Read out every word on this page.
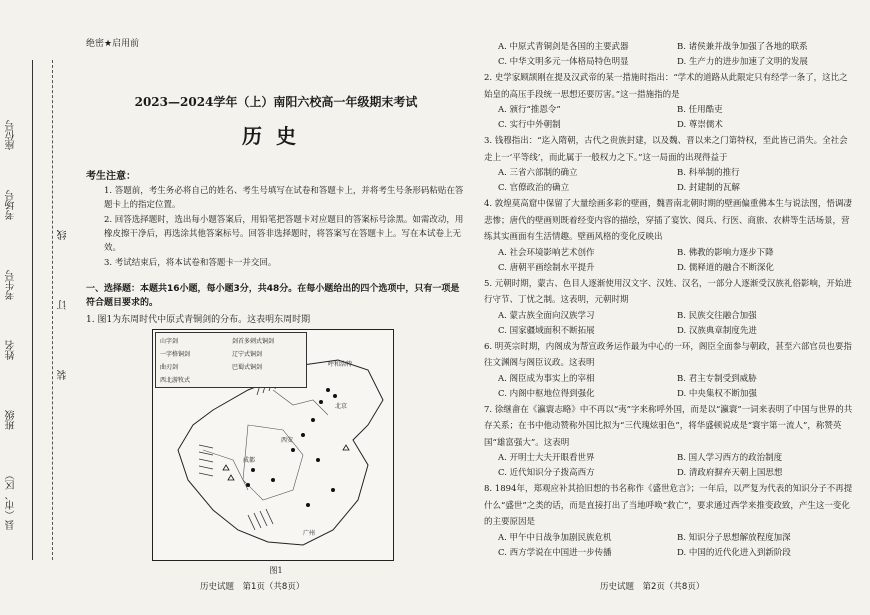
县（市、区）
班级
姓名
考生号
考场号
座位号
装
订
线
绝密★启用前
2023—2024学年（上）南阳六校高一年级期末考试
历史
考生注意：

1. 答题前，考生务必将自己的姓名、考生号填写在试卷和答题卡上，并将考生号条形码粘贴在答题卡上的指定位置。

2. 回答选择题时，选出每小题答案后，用铅笔把答题卡对应题目的答案标号涂黑。如需改动，用橡皮擦干净后，再选涂其他答案标号。回答非选择题时，将答案写在答题卡上。写在本试卷上无效。

3. 考试结束后，将本试卷和答题卡一并交回。

一、选择题：本题共16小题，每小题3分，共48分。在每小题给出的四个选项中，只有一项是符合题目要求的。
1. 图1为东周时代中原式青铜剑的分布。这表明东周时期
呼和浩特
北京
西安
成都
广州
山字剑	剑首多刺式铜剑
一字格铜剑	辽宁式铜剑
曲刃剑	巴蜀式铜剑
西北游牧式
图1
历史试题　第1页（共8页）
A. 中原式青铜剑是各国的主要武器	B. 诸侯兼并战争加强了各地的联系
C. 中华文明多元一体格局特色明显	D. 生产力的进步加速了文明的发展
2. 史学家顾颉刚在提及汉武帝的某一措施时指出：“学术的道路从此限定只有经学一条了，这比之始皇的高压手段统一思想还要厉害。”这一措施指的是
A. 颁行“推恩令”	B. 任用酷吏
C. 实行中外朝制	D. 尊崇儒术
3. 钱穆指出：“迄入隋朝，古代之贵族封建，以及魏、晋以来之门第特权，至此皆已消失。全社会走上一‘平等线’，而此属于一般权力之下。”这一局面的出现得益于
A. 三省六部制的确立	B. 科举制的推行
C. 官僚政治的确立	D. 封建制的瓦解
4. 敦煌莫高窟中保留了大量绘画多彩的壁画，魏晋南北朝时期的壁画偏重佛本生与说法图，悟调凄悲惨；唐代的壁画则既着经变内容的描绘，穿插了宴饮、阅兵、行医、商旅、农耕等生活场景，营练其实画面有生活情趣。壁画风格的变化反映出
A. 社会环境影响艺术创作	B. 佛教的影响力逐步下降
C. 唐朝平画绘制水平提升	D. 儒释道的融合不断深化
5. 元朝时期，蒙古、色目人逐渐使用汉文字、汉姓、汉名，一部分人逐渐受汉族礼俗影响，开始进行守节、丁忧之制。这表明，元朝时期
A. 蒙古族全面向汉族学习	B. 民族交往融合加强
C. 国家疆域面积不断拓展	D. 汉族典章制度先进
6. 明英宗时期，内阁成为帮宣政务运作最为中心的一环，阁臣全面参与朝政，甚至六部官员也要指往文渊阁与阁臣议政。这表明
A. 阁臣成为事实上的宰相	B. 君主专制受到威胁
C. 内阁中枢地位得到强化	D. 中央集权不断加强
7. 徐继畬在《瀛寰志略》中不再以“夷”字来称呼外国，而是以“瀛寰”一词来表明了中国与世界的共存关系；在书中他动赞称外国比拟为“三代瑰炫驲色”，将华盛顿说成是“寰宇第一流人”，称赞英国“雄富强大”。这表明
A. 开明士大夫开眼看世界	B. 国人学习西方的政治制度
C. 近代知识分子拨高西方	D. 清政府摒弃天朝上国思想
8. 1894年，郑观应补其拾旧想的书名称作《盛世危言》；一年后，以严复为代表的知识分子不再提什么“盛世”之类的话，而是直接打出了当地呼唤“救亡”，要求通过西学来推变政致，产生这一变化的主要原因是
A. 甲午中日战争加剧民族危机	B. 知识分子思想解放程度加深
C. 西方学说在中国进一步传播	D. 中国的近代化进入到新阶段
历史试题　第2页（共8页）
